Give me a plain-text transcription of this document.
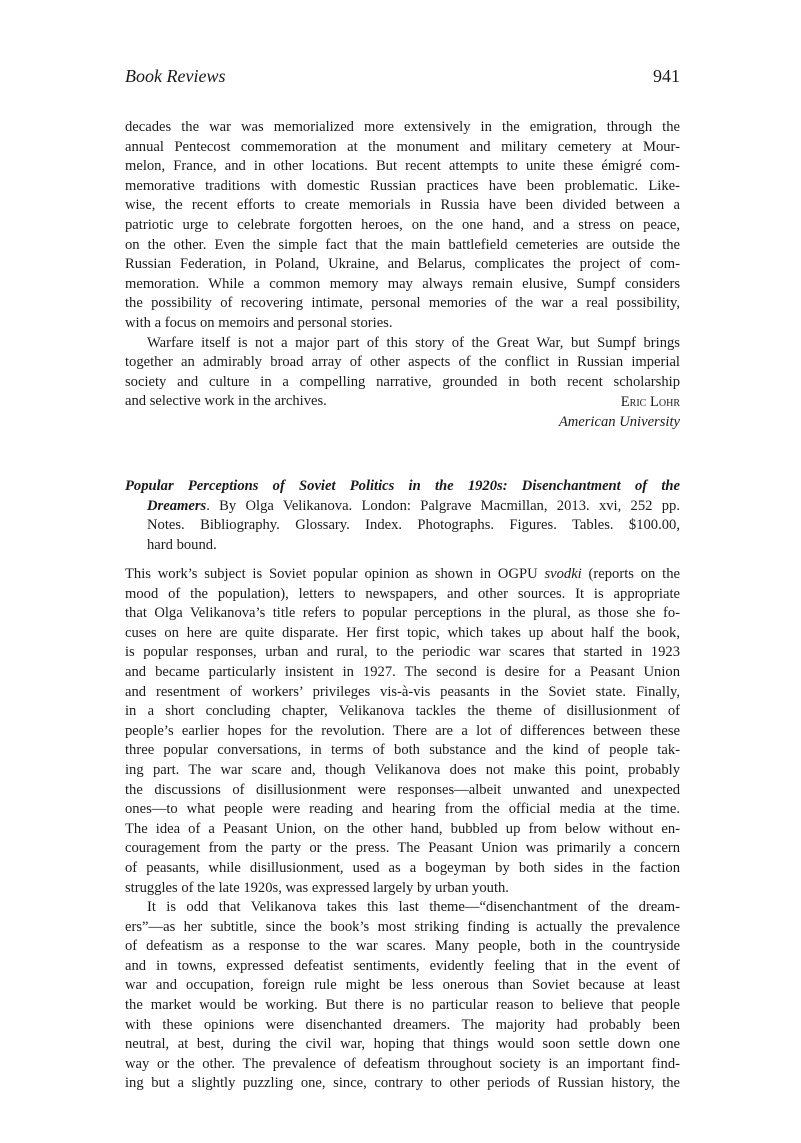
Book Reviews	941
decades the war was memorialized more extensively in the emigration, through the
annual Pentecost commemoration at the monument and military cemetery at Mour-
melon, France, and in other locations. But recent attempts to unite these émigré com-
memorative traditions with domestic Russian practices have been problematic. Like-
wise, the recent efforts to create memorials in Russia have been divided between a
patriotic urge to celebrate forgotten heroes, on the one hand, and a stress on peace,
on the other. Even the simple fact that the main battlefield cemeteries are outside the
Russian Federation, in Poland, Ukraine, and Belarus, complicates the project of com-
memoration. While a common memory may always remain elusive, Sumpf considers
the possibility of recovering intimate, personal memories of the war a real possibility,
with a focus on memoirs and personal stories.
Warfare itself is not a major part of this story of the Great War, but Sumpf brings
together an admirably broad array of other aspects of the conflict in Russian imperial
society and culture in a compelling narrative, grounded in both recent scholarship
and selective work in the archives.	Eric Lohr
American University
Popular Perceptions of Soviet Politics in the 1920s: Disenchantment of the
Dreamers. By Olga Velikanova. London: Palgrave Macmillan, 2013. xvi, 252 pp.
Notes. Bibliography. Glossary. Index. Photographs. Figures. Tables. $100.00,
hard bound.
This work’s subject is Soviet popular opinion as shown in OGPU svodki (reports on the
mood of the population), letters to newspapers, and other sources. It is appropriate
that Olga Velikanova’s title refers to popular perceptions in the plural, as those she fo-
cuses on here are quite disparate. Her first topic, which takes up about half the book,
is popular responses, urban and rural, to the periodic war scares that started in 1923
and became particularly insistent in 1927. The second is desire for a Peasant Union
and resentment of workers’ privileges vis-à-vis peasants in the Soviet state. Finally,
in a short concluding chapter, Velikanova tackles the theme of disillusionment of
people’s earlier hopes for the revolution. There are a lot of differences between these
three popular conversations, in terms of both substance and the kind of people tak-
ing part. The war scare and, though Velikanova does not make this point, probably
the discussions of disillusionment were responses—albeit unwanted and unexpected
ones—to what people were reading and hearing from the official media at the time.
The idea of a Peasant Union, on the other hand, bubbled up from below without en-
couragement from the party or the press. The Peasant Union was primarily a concern
of peasants, while disillusionment, used as a bogeyman by both sides in the faction
struggles of the late 1920s, was expressed largely by urban youth.
It is odd that Velikanova takes this last theme—“disenchantment of the dream-
ers”—as her subtitle, since the book’s most striking finding is actually the prevalence
of defeatism as a response to the war scares. Many people, both in the countryside
and in towns, expressed defeatist sentiments, evidently feeling that in the event of
war and occupation, foreign rule might be less onerous than Soviet because at least
the market would be working. But there is no particular reason to believe that people
with these opinions were disenchanted dreamers. The majority had probably been
neutral, at best, during the civil war, hoping that things would soon settle down one
way or the other. The prevalence of defeatism throughout society is an important find-
ing but a slightly puzzling one, since, contrary to other periods of Russian history, the
